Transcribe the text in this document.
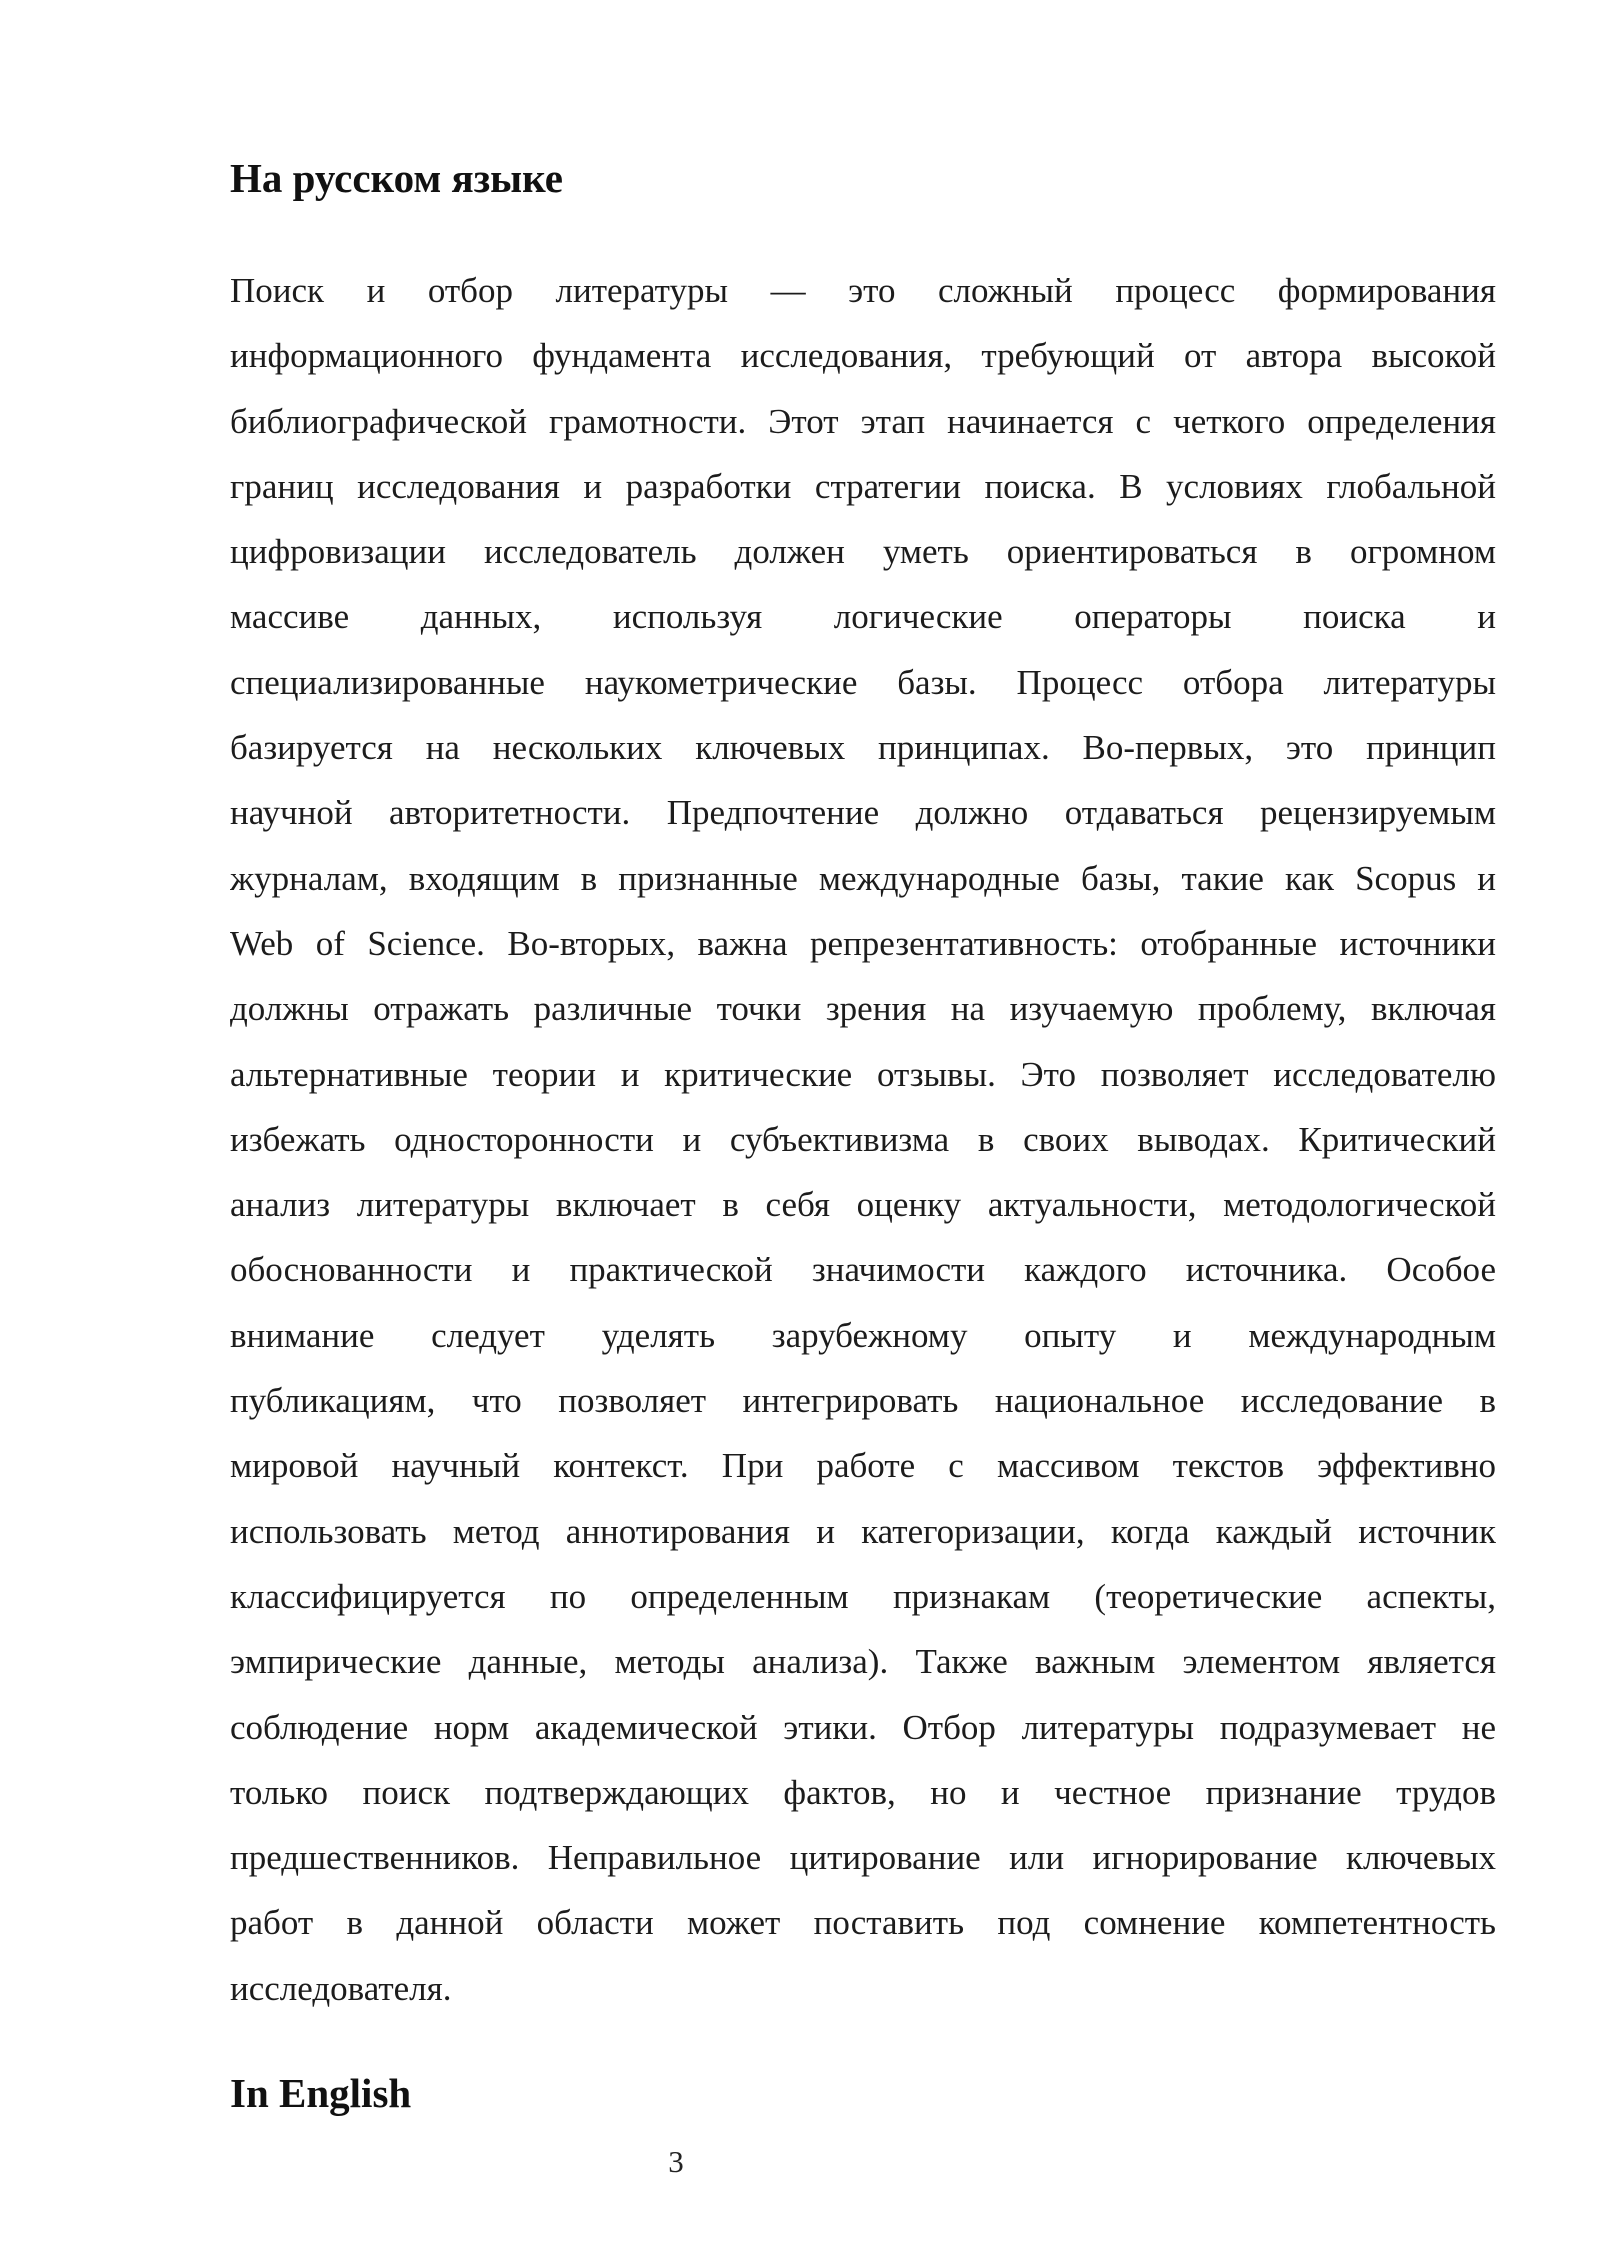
На русском языке
Поиск и отбор литературы — это сложный процесс формирования
информационного фундамента исследования, требующий от автора высокой
библиографической грамотности. Этот этап начинается с четкого определения
границ исследования и разработки стратегии поиска. В условиях глобальной
цифровизации исследователь должен уметь ориентироваться в огромном
массиве данных, используя логические операторы поиска и
специализированные наукометрические базы. Процесс отбора литературы
базируется на нескольких ключевых принципах. Во-первых, это принцип
научной авторитетности. Предпочтение должно отдаваться рецензируемым
журналам, входящим в признанные международные базы, такие как Scopus и
Web of Science. Во-вторых, важна репрезентативность: отобранные источники
должны отражать различные точки зрения на изучаемую проблему, включая
альтернативные теории и критические отзывы. Это позволяет исследователю
избежать односторонности и субъективизма в своих выводах. Критический
анализ литературы включает в себя оценку актуальности, методологической
обоснованности и практической значимости каждого источника. Особое
внимание следует уделять зарубежному опыту и международным
публикациям, что позволяет интегрировать национальное исследование в
мировой научный контекст. При работе с массивом текстов эффективно
использовать метод аннотирования и категоризации, когда каждый источник
классифицируется по определенным признакам (теоретические аспекты,
эмпирические данные, методы анализа). Также важным элементом является
соблюдение норм академической этики. Отбор литературы подразумевает не
только поиск подтверждающих фактов, но и честное признание трудов
предшественников. Неправильное цитирование или игнорирование ключевых
работ в данной области может поставить под сомнение компетентность
исследователя.
In English
3
